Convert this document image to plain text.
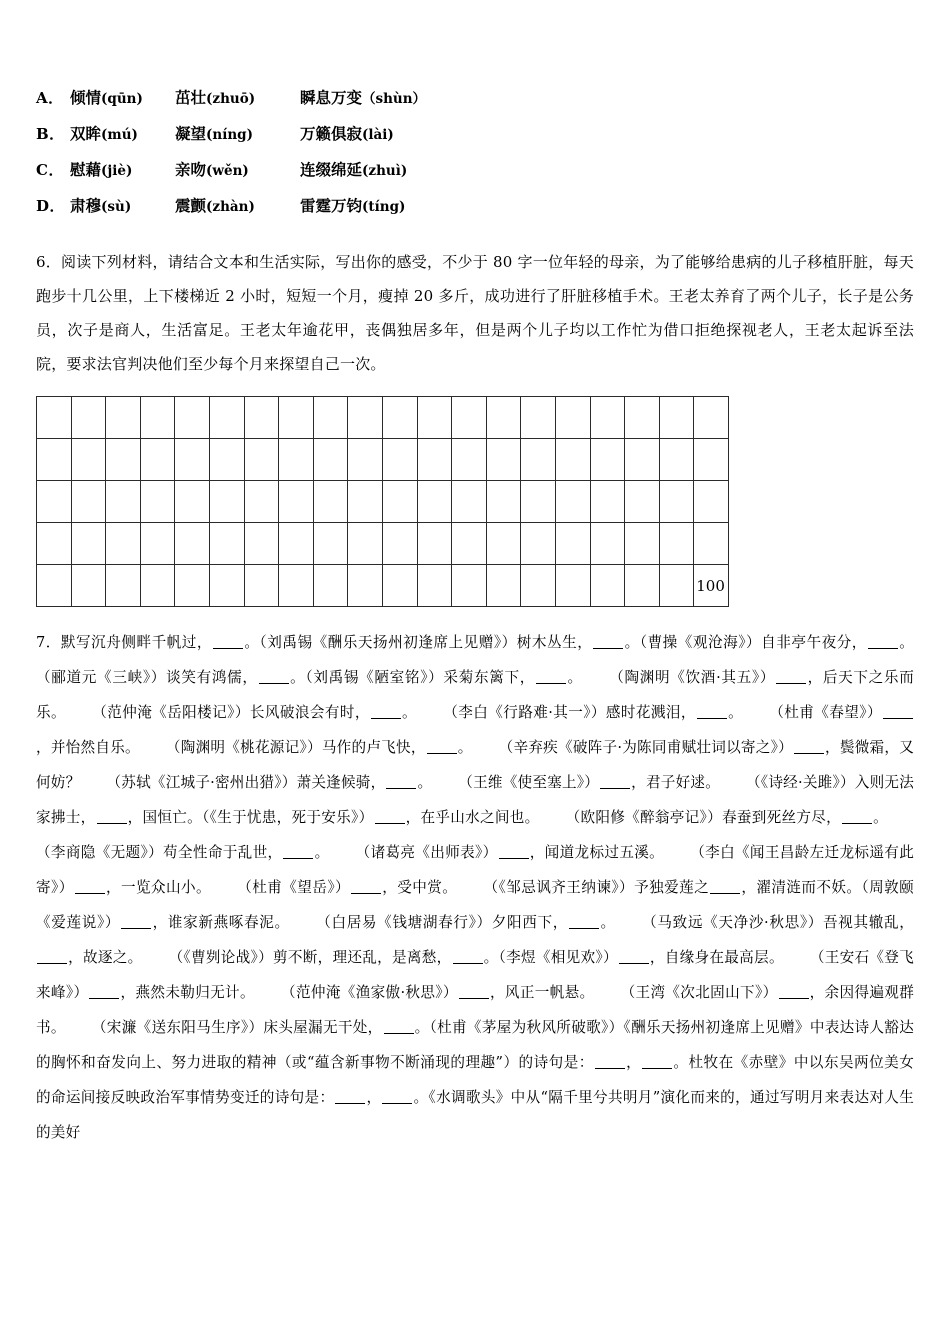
A． 倾情(qūn)	茁壮(zhuō)	瞬息万变（shùn）
B． 双眸(mú)	凝望(níng)	万籁俱寂(lài)
C． 慰藉(jiè)	亲吻(wěn)	连缀绵延(zhuì)
D． 肃穆(sù)	震颤(zhàn)	雷霆万钧(tíng)

6．阅读下列材料，请结合文本和生活实际，写出你的感受，不少于 80 字一位年轻的母亲，为了能够给患病的儿子移植肝脏，每天跑步十几公里，上下楼梯近 2 小时，短短一个月，瘦掉 20 多斤，成功进行了肝脏移植手术。王老太养育了两个儿子，长子是公务员，次子是商人，生活富足。王老太年逾花甲，丧偶独居多年，但是两个儿子均以工作忙为借口拒绝探视老人，王老太起诉至法院，要求法官判决他们至少每个月来探望自己一次。

																			100

7．默写沉舟侧畔千帆过， 。（刘禹锡《酬乐天扬州初逢席上见赠》）树木丛生， 。（曹操《观沧海》）自非亭午夜分， 。（郦道元《三峡》）谈笑有鸿儒， 。（刘禹锡《陋室铭》）采菊东篱下， 。 （陶渊明《饮酒·其五》） ，后天下之乐而乐。 （范仲淹《岳阳楼记》）长风破浪会有时， 。 （李白《行路难·其一》）感时花溅泪， 。 （杜甫《春望》），并怡然自乐。 （陶渊明《桃花源记》）马作的卢飞快， 。 （辛弃疾《破阵子·为陈同甫赋壮词以寄之》） ，鬓微霜，又何妨？ （苏轼《江城子·密州出猎》）萧关逢候骑， 。 （王维《使至塞上》） ，君子好逑。 （《诗经·关雎》）入则无法家拂士， ，国恒亡。（《生于忧患，死于安乐》） ，在乎山水之间也。 （欧阳修《醉翁亭记》）春蚕到死丝方尽， 。（李商隐《无题》）苟全性命于乱世， 。 （诸葛亮《出师表》） ，闻道龙标过五溪。 （李白《闻王昌龄左迁龙标遥有此寄》） ，一览众山小。 （杜甫《望岳》） ，受中赏。 （《邹忌讽齐王纳谏》）予独爱莲之 ，濯清涟而不妖。（周敦颐《爱莲说》） ，谁家新燕啄春泥。 （白居易《钱塘湖春行》）夕阳西下， 。 （马致远《天净沙·秋思》）吾视其辙乱，，故逐之。 （《曹刿论战》）剪不断，理还乱，是离愁， 。（李煜《相见欢》） ，自缘身在最高层。 （王安石《登飞来峰》） ，燕然未勒归无计。 （范仲淹《渔家傲·秋思》） ，风正一帆悬。 （王湾《次北固山下》） ，余因得遍观群书。 （宋濂《送东阳马生序》）床头屋漏无干处， 。（杜甫《茅屋为秋风所破歌》）《酬乐天扬州初逢席上见赠》中表达诗人豁达的胸怀和奋发向上、努力进取的精神（或“蕴含新事物不断涌现的理趣”）的诗句是： ， 。杜牧在《赤壁》中以东吴两位美女的命运间接反映政治军事情势变迁的诗句是： ， 。《水调歌头》中从“隔千里兮共明月”演化而来的，通过写明月来表达对人生的美好
